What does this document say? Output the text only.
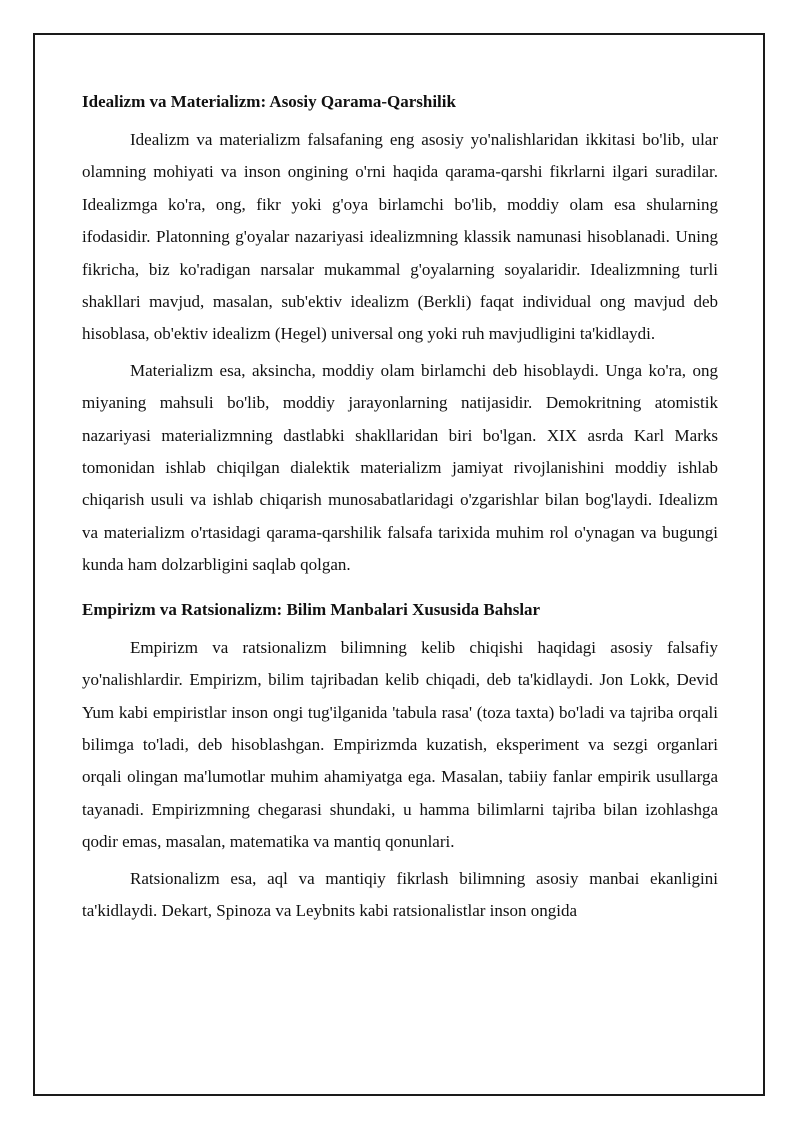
Idealizm va Materializm: Asosiy Qarama-Qarshilik

Idealizm va materializm falsafaning eng asosiy yo'nalishlaridan ikkitasi bo'lib, ular olamning mohiyati va inson ongining o'rni haqida qarama-qarshi fikrlarni ilgari suradilar. Idealizmga ko'ra, ong, fikr yoki g'oya birlamchi bo'lib, moddiy olam esa shularning ifodasidir. Platonning g'oyalar nazariyasi idealizmning klassik namunasi hisoblanadi. Uning fikricha, biz ko'radigan narsalar mukammal g'oyalarning soyalaridir. Idealizmning turli shakllari mavjud, masalan, sub'ektiv idealizm (Berkli) faqat individual ong mavjud deb hisoblasa, ob'ektiv idealizm (Hegel) universal ong yoki ruh mavjudligini ta'kidlaydi.

Materializm esa, aksincha, moddiy olam birlamchi deb hisoblaydi. Unga ko'ra, ong miyaning mahsuli bo'lib, moddiy jarayonlarning natijasidir. Demokritning atomistik nazariyasi materializmning dastlabki shakllaridan biri bo'lgan. XIX asrda Karl Marks tomonidan ishlab chiqilgan dialektik materializm jamiyat rivojlanishini moddiy ishlab chiqarish usuli va ishlab chiqarish munosabatlaridagi o'zgarishlar bilan bog'laydi. Idealizm va materializm o'rtasidagi qarama-qarshilik falsafa tarixida muhim rol o'ynagan va bugungi kunda ham dolzarbligini saqlab qolgan.

Empirizm va Ratsionalizm: Bilim Manbalari Xususida Bahslar

Empirizm va ratsionalizm bilimning kelib chiqishi haqidagi asosiy falsafiy yo'nalishlardir. Empirizm, bilim tajribadan kelib chiqadi, deb ta'kidlaydi. Jon Lokk, Devid Yum kabi empiristlar inson ongi tug'ilganida 'tabula rasa' (toza taxta) bo'ladi va tajriba orqali bilimga to'ladi, deb hisoblashgan. Empirizmda kuzatish, eksperiment va sezgi organlari orqali olingan ma'lumotlar muhim ahamiyatga ega. Masalan, tabiiy fanlar empirik usullarga tayanadi. Empirizmning chegarasi shundaki, u hamma bilimlarni tajriba bilan izohlashga qodir emas, masalan, matematika va mantiq qonunlari.

Ratsionalizm esa, aql va mantiqiy fikrlash bilimning asosiy manbai ekanligini ta'kidlaydi. Dekart, Spinoza va Leybnits kabi ratsionalistlar inson ongida
